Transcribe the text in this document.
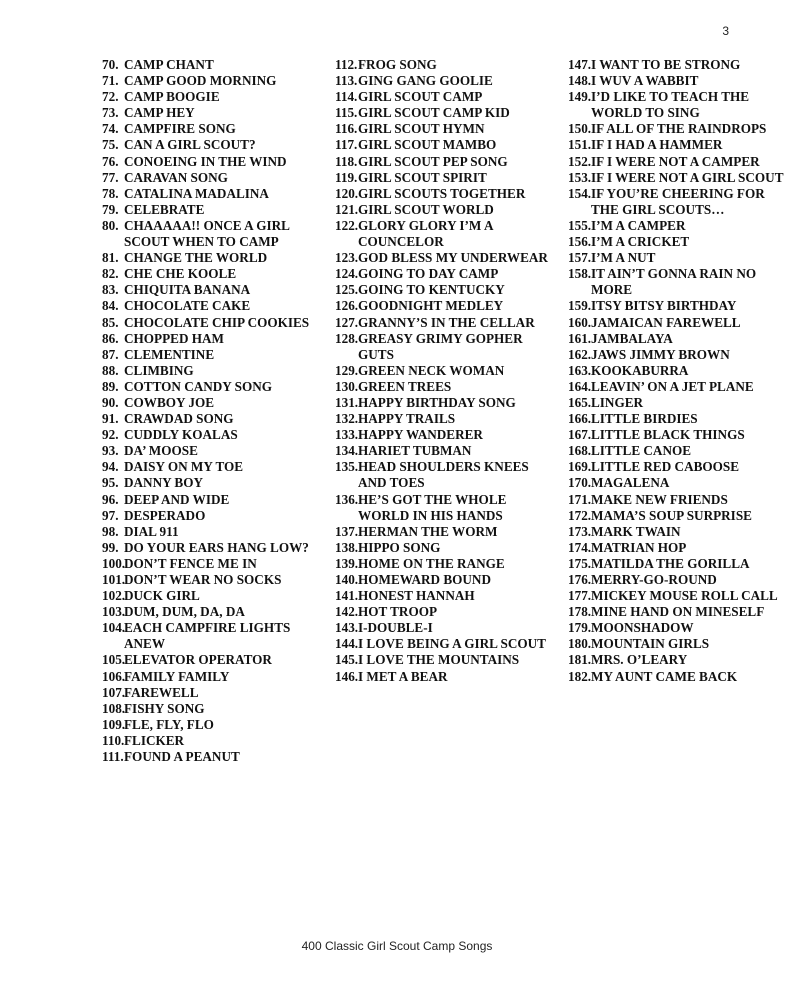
3
70. CAMP CHANT
71. CAMP GOOD MORNING
72. CAMP BOOGIE
73. CAMP HEY
74. CAMPFIRE SONG
75. CAN A GIRL SCOUT?
76. CONOEING IN THE WIND
77. CARAVAN SONG
78. CATALINA MADALINA
79. CELEBRATE
80. CHAAAAA!! ONCE A GIRL SCOUT WHEN TO CAMP
81. CHANGE THE WORLD
82. CHE CHE KOOLE
83. CHIQUITA BANANA
84. CHOCOLATE CAKE
85. CHOCOLATE CHIP COOKIES
86. CHOPPED HAM
87. CLEMENTINE
88. CLIMBING
89. COTTON CANDY SONG
90. COWBOY JOE
91. CRAWDAD SONG
92. CUDDLY KOALAS
93. DA’ MOOSE
94. DAISY ON MY TOE
95. DANNY BOY
96. DEEP AND WIDE
97. DESPERADO
98. DIAL 911
99. DO YOUR EARS HANG LOW?
100.
DON’T FENCE ME IN
101.
DON’T WEAR NO SOCKS
102.
DUCK GIRL
103.
DUM, DUM, DA, DA
104.
EACH CAMPFIRE LIGHTS ANEW
105.
ELEVATOR OPERATOR
106.
FAMILY FAMILY
107.
FAREWELL
108.
FISHY SONG
109.
FLE, FLY, FLO
110. FLICKER
111. FOUND A PEANUT
112. FROG SONG
113. GING GANG GOOLIE
114. GIRL SCOUT CAMP
115. GIRL SCOUT CAMP KID
116. GIRL SCOUT HYMN
117. GIRL SCOUT MAMBO
118. GIRL SCOUT PEP SONG
119. GIRL SCOUT SPIRIT
120. GIRL SCOUTS TOGETHER
121. GIRL SCOUT WORLD
122. GLORY GLORY I’M A COUNCELOR
123. GOD BLESS MY UNDERWEAR
124. GOING TO DAY CAMP
125. GOING TO KENTUCKY
126. GOODNIGHT MEDLEY
127. GRANNY’S IN THE CELLAR
128. GREASY GRIMY GOPHER GUTS
129. GREEN NECK WOMAN
130. GREEN TREES
131. HAPPY BIRTHDAY SONG
132. HAPPY TRAILS
133. HAPPY WANDERER
134. HARIET TUBMAN
135. HEAD SHOULDERS KNEES AND TOES
136. HE’S GOT THE WHOLE WORLD IN HIS HANDS
137. HERMAN THE WORM
138. HIPPO SONG
139. HOME ON THE RANGE
140. HOMEWARD BOUND
141. HONEST HANNAH
142. HOT TROOP
143. I-DOUBLE-I
144. I LOVE BEING A GIRL SCOUT
145. I LOVE THE MOUNTAINS
146. I MET A BEAR
147. I WANT TO BE STRONG
148. I WUV A WABBIT
149. I’D LIKE TO TEACH THE WORLD TO SING
150. IF ALL OF THE RAINDROPS
151. IF I HAD A HAMMER
152. IF I WERE NOT A CAMPER
153. IF I WERE NOT A GIRL SCOUT
154. IF YOU’RE CHEERING FOR THE GIRL SCOUTS…
155. I’M A CAMPER
156. I’M A CRICKET
157. I’M A NUT
158. IT AIN’T GONNA RAIN NO MORE
159. ITSY BITSY BIRTHDAY
160. JAMAICAN FAREWELL
161. JAMBALAYA
162. JAWS JIMMY BROWN
163. KOOKABURRA
164. LEAVIN’ ON A JET PLANE
165. LINGER
166. LITTLE BIRDIES
167. LITTLE BLACK THINGS
168. LITTLE CANOE
169. LITTLE RED CABOOSE
170. MAGALENA
171. MAKE NEW FRIENDS
172. MAMA’S SOUP SURPRISE
173. MARK TWAIN
174. MATRIAN HOP
175. MATILDA THE GORILLA
176. MERRY-GO-ROUND
177. MICKEY MOUSE ROLL CALL
178. MINE HAND ON MINESELF
179. MOONSHADOW
180. MOUNTAIN GIRLS
181. MRS. O’LEARY
182. MY AUNT CAME BACK
400 Classic Girl Scout Camp Songs
